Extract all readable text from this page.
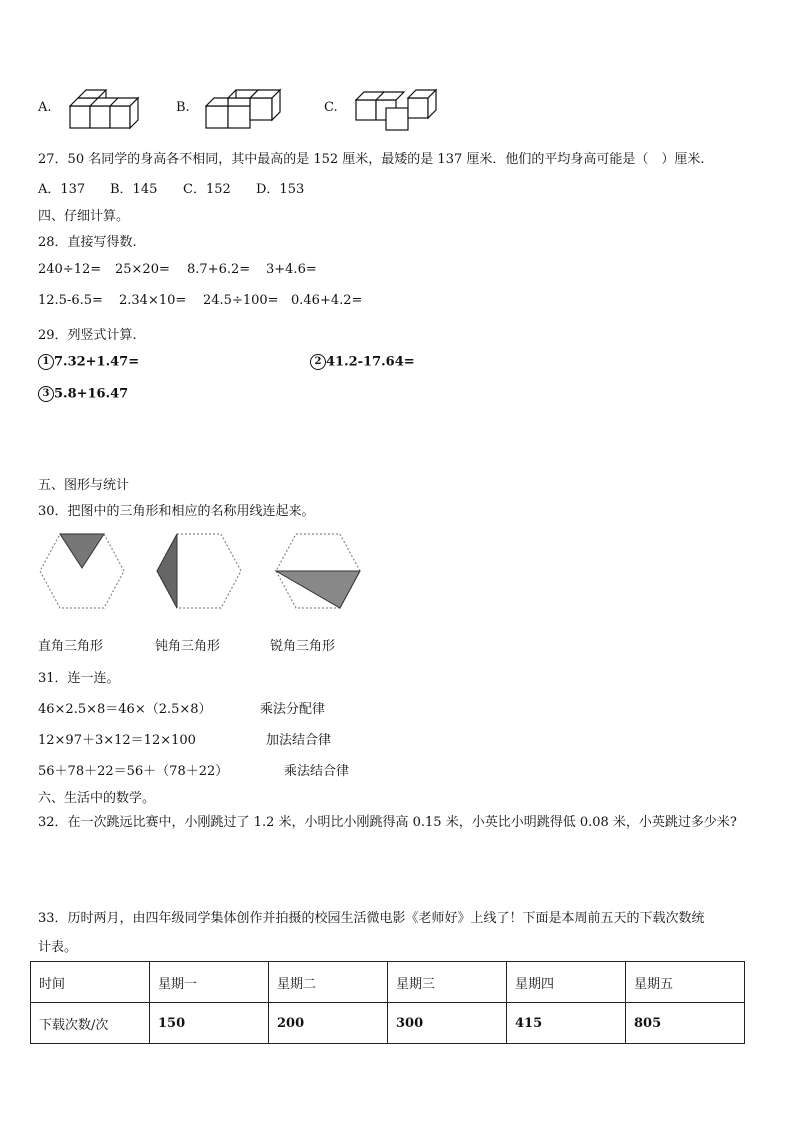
A.	B.	C.
27．50 名同学的身高各不相同，其中最高的是 152 厘米，最矮的是 137 厘米．他们的平均身高可能是（　）厘米.
A．137 B．145 C．152 D．153
四、仔细计算。
28．直接写得数.
240÷12= 25×20= 8.7+6.2= 3+4.6=
12.5-6.5= 2.34×10= 24.5÷100= 0.46+4.2=
29．列竖式计算.
1 7.32+1.47=	2 41.2-17.64=
3 5.8+16.47
五、图形与统计
30．把图中的三角形和相应的名称用线连起来。
直角三角形	钝角三角形	锐角三角形
31．连一连。
46×2.5×8＝46×（2.5×8）	乘法分配律
12×97＋3×12＝12×100	加法结合律
56＋78＋22＝56＋（78＋22）	乘法结合律
六、生活中的数学。
32．在一次跳远比赛中，小刚跳过了 1.2 米，小明比小刚跳得高 0.15 米，小英比小明跳得低 0.08 米，小英跳过多少米?
33．历时两月，由四年级同学集体创作并拍摄的校园生活微电影《老师好》上线了！下面是本周前五天的下载次数统
计表。
时间	星期一	星期二	星期三	星期四	星期五
下载次数/次	150	200	300	415	805
